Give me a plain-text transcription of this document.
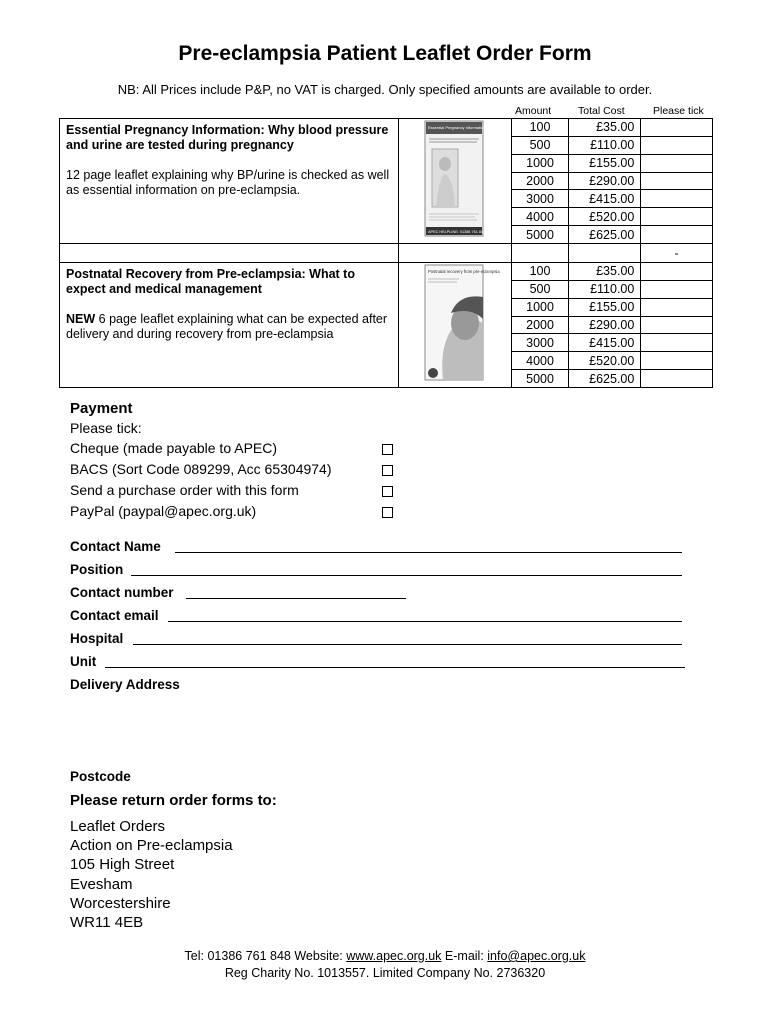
Pre-eclampsia Patient Leaflet Order Form
NB: All Prices include P&P, no VAT is charged. Only specified amounts are available to order.
Amount	Total Cost	Please tick
Essential Pregnancy Information: Why blood pressure and urine are tested during pregnancy

12 page leaflet explaining why BP/urine is checked as well as essential information on pre-eclampsia.	Essential Pregnancy Information
APEC HELPLINE: 01386 761 848	100	£35.00	
		500	£110.00	
		1000	£155.00	
		2000	£290.00	
		3000	£415.00	
		4000	£520.00	
		5000	£625.00	
				-
Postnatal Recovery from Pre-eclampsia: What to expect and medical management

NEW 6 page leaflet explaining what can be expected after delivery and during recovery from pre-eclampsia	Postnatal recovery from pre-eclampsia	100	£35.00	
		500	£110.00	
		1000	£155.00	
		2000	£290.00	
		3000	£415.00	
		4000	£520.00	
		5000	£625.00	
Payment
Please tick:
Cheque (made payable to APEC)
BACS (Sort Code 089299, Acc 65304974)
Send a purchase order with this form
PayPal (paypal@apec.org.uk)
Contact Name
Position
Contact number
Contact email
Hospital
Unit
Delivery Address
Postcode
Please return order forms to:
Leaflet Orders
Action on Pre-eclampsia
105 High Street
Evesham
Worcestershire
WR11 4EB
Tel: 01386 761 848 Website: www.apec.org.uk E-mail: info@apec.org.uk
Reg Charity No. 1013557. Limited Company No. 2736320
